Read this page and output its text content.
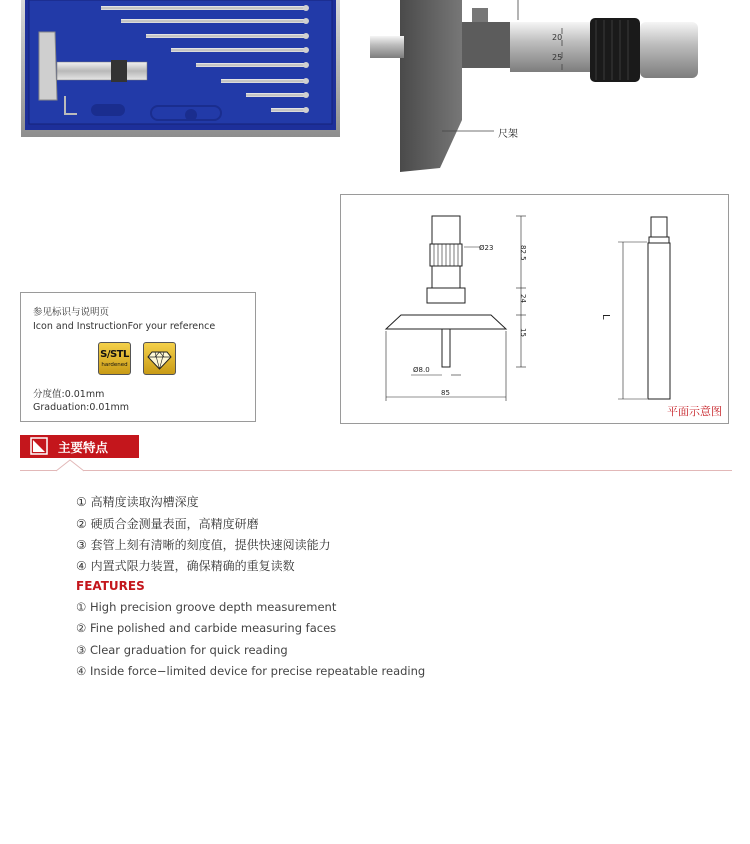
20
25
尺架
参见标识与说明页
Icon and InstructionFor your reference
S/STL
hardened
分度值:0.01mm
Graduation:0.01mm
Ø23	82.5
24
15
Ø8.0
85
L
平面示意图
主要特点
① 高精度读取沟槽深度
② 硬质合金测量表面，高精度研磨
③ 套管上刻有清晰的刻度值，提供快速阅读能力
④ 内置式限力装置，确保精确的重复读数
FEATURES
① High precision groove depth measurement
② Fine polished and carbide measuring faces
③ Clear graduation for quick reading
④ Inside force−limited device for precise repeatable reading
